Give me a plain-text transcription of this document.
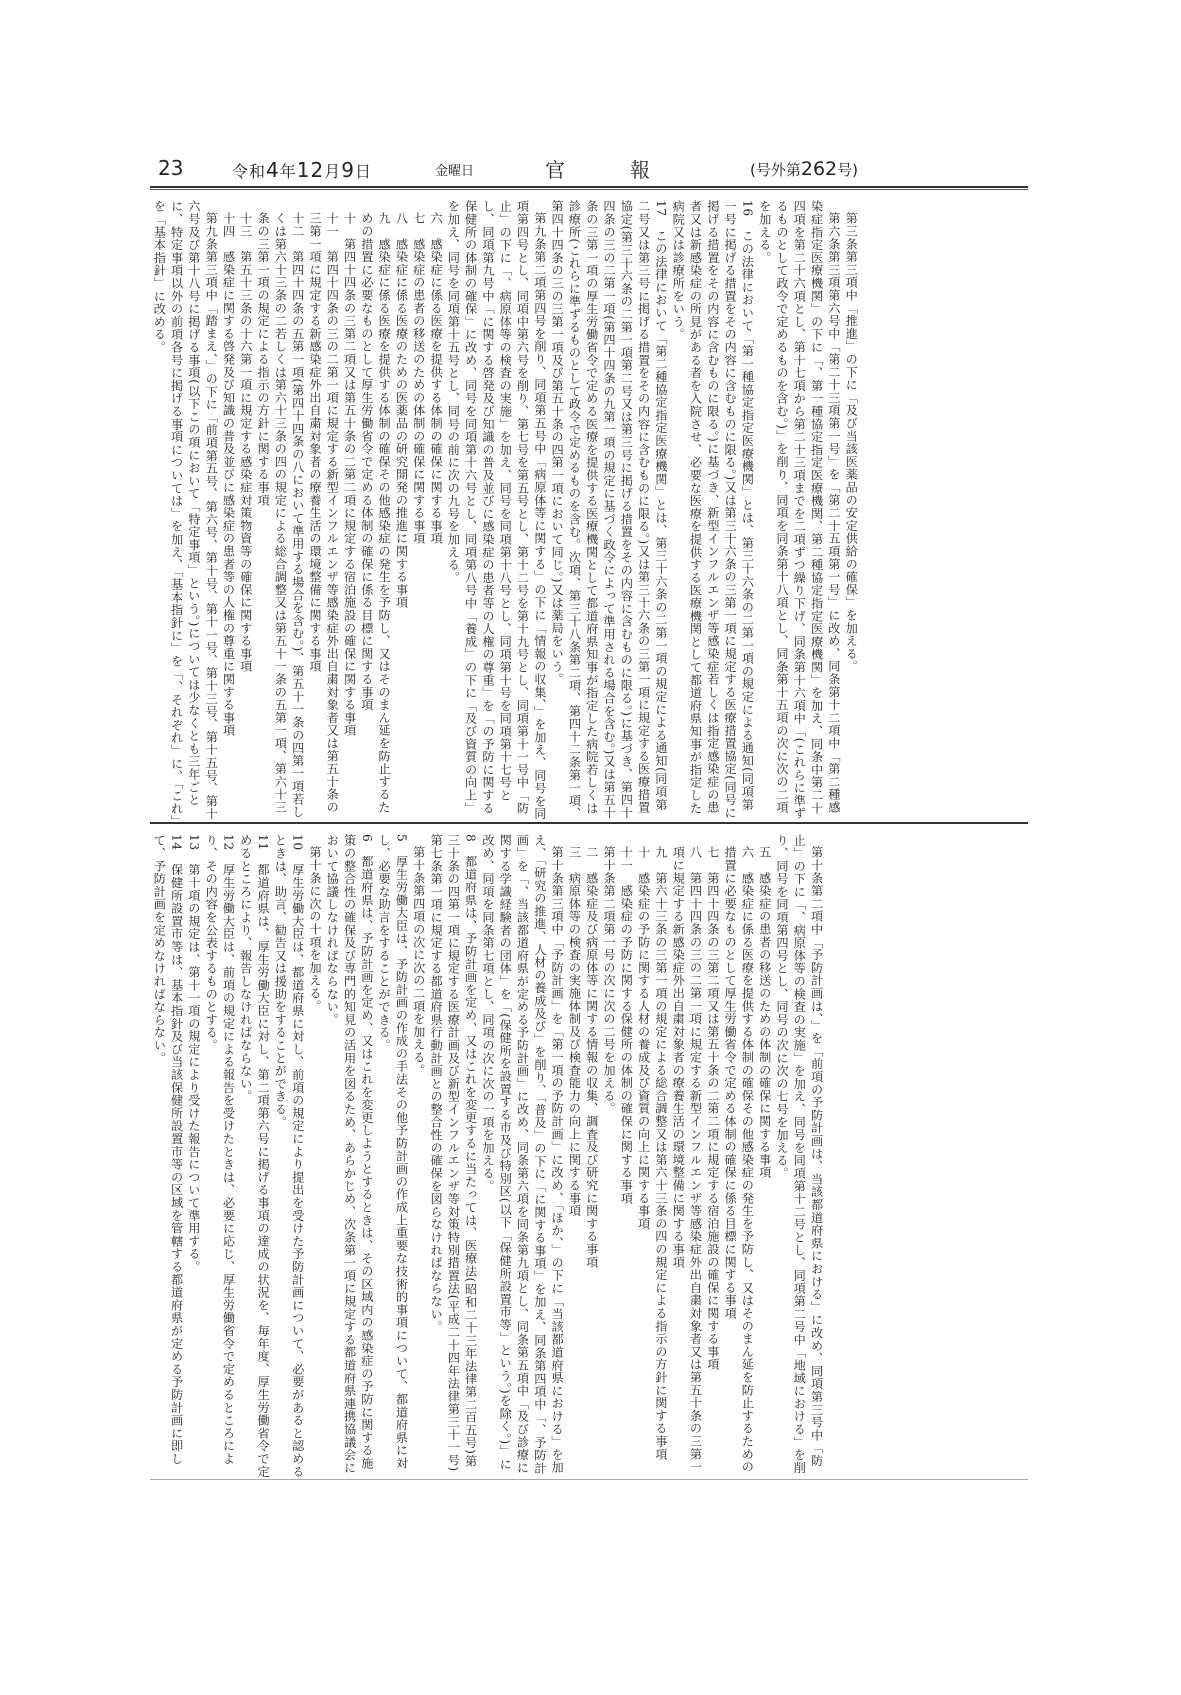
23	令和4年12月9日	金曜日	官	報	(号外第262号)

第三条第三項中「推進」の下に「及び当該医薬品の安定供給の確保」を加える。

第六条第三項第六号中「第二十三項第一号」を「第二十五項第一号」に改め、同条第十二項中「第二種感染症指定医療機関」の下に「、第一種協定指定医療機関、第二種協定指定医療機関」を加え、同条中第二十四項を第二十六項とし、第十七項から第二十三項までを二項ずつ繰り下げ、同条第十六項中「(これらに準ずるものとして政令で定めるものを含む。)」を削り、同項を同条第十八項とし、同条第十五項の次に次の二項を加える。

16　この法律において「第一種協定指定医療機関」とは、第三十六条の二第一項の規定による通知(同項第一号に掲げる措置をその内容に含むものに限る。)又は第三十六条の三第一項に規定する医療措置協定(同号に掲げる措置をその内容に含むものに限る。)に基づき、新型インフルエンザ等感染症若しくは指定感染症の患者又は新感染症の所見がある者を入院させ、必要な医療を提供する医療機関として都道府県知事が指定した病院又は診療所をいう。

17　この法律において「第二種協定指定医療機関」とは、第三十六条の二第一項の規定による通知(同項第二号又は第三号に掲げる措置をその内容に含むものに限る。)又は第三十六条の三第一項に規定する医療措置協定(第三十六条の二第一項第二号又は第三号に掲げる措置をその内容に含むものに限る。)に基づき、第四十四条の三の二第一項(第四十四条の九第一項の規定に基づく政令によって準用される場合を含む。)又は第五十条の三第一項の厚生労働省令で定める医療を提供する医療機関として都道府県知事が指定した病院若しくは診療所(これらに準ずるものとして政令で定めるものを含む。次項、第三十八条第二項、第四十二条第一項、第四十四条の三の三第一項及び第五十条の四第一項において同じ。)又は薬局をいう。

第九条第二項第四号を削り、同項第五号中「病原体等に関する」の下に「情報の収集、」を加え、同号を同項第四号とし、同項中第六号を削り、第七号を第五号とし、第十二号を第十九号とし、同項第十一号中「防止」の下に「、病原体等の検査の実施」を加え、同号を同項第十八号とし、同項第十号を同項第十七号とし、同項第九号中「に関する啓発及び知識の普及並びに感染症の患者等の人権の尊重」を「の予防に関する保健所の体制の確保」に改め、同号を同項第十六号とし、同項第八号中「養成」の下に「及び資質の向上」を加え、同号を同項第十五号とし、同号の前に次の九号を加える。

六　感染症に係る医療を提供する体制の確保に関する事項

七　感染症の患者の移送のための体制の確保に関する事項

八　感染症に係る医療のための医薬品の研究開発の推進に関する事項

九　感染症に係る医療を提供する体制の確保その他感染症の発生を予防し、又はそのまん延を防止するための措置に必要なものとして厚生労働省令で定める体制の確保に係る目標に関する事項

十　第四十四条の三第二項又は第五十条の二第二項に規定する宿泊施設の確保に関する事項

十一　第四十四条の三の二第一項に規定する新型インフルエンザ等感染症外出自粛対象者又は第五十条の三第一項に規定する新感染症外出自粛対象者の療養生活の環境整備に関する事項

十二　第四十四条の五第一項(第四十四条の八において準用する場合を含む。)、第五十一条の四第一項若しくは第六十三条の二若しくは第六十三条の四の規定による総合調整又は第五十一条の五第一項、第六十三条の三第一項の規定による指示の方針に関する事項

十三　第五十三条の十六第一項に規定する感染症対策物資等の確保に関する事項

十四　感染症に関する啓発及び知識の普及並びに感染症の患者等の人権の尊重に関する事項

第九条第三項中「踏まえ、」の下に「前項第五号、第六号、第十号、第十一号、第十三号、第十五号、第十六号及び第十八号に掲げる事項(以下この項において「特定事項」という。)については少なくとも三年ごとに、特定事項以外の前項各号に掲げる事項については」を加え、「基本指針に」を「、それぞれ」に、「これ」を「基本指針」に改める。

第十条第二項中「予防計画は、」を「前項の予防計画は、当該都道府県における」に改め、同項第三号中「防止」の下に「、病原体等の検査の実施」を加え、同号を同項第十二号とし、同項第二号中「地域における」を削り、同号を同項第四号とし、同号の次に次の七号を加える。

五　感染症の患者の移送のための体制の確保に関する事項

六　感染症に係る医療を提供する体制の確保その他感染症の発生を予防し、又はそのまん延を防止するための措置に必要なものとして厚生労働省令で定める体制の確保に係る目標に関する事項

七　第四十四条の三第二項又は第五十条の二第二項に規定する宿泊施設の確保に関する事項

八　第四十四条の三の二第一項に規定する新型インフルエンザ等感染症外出自粛対象者又は第五十条の三第一項に規定する新感染症外出自粛対象者の療養生活の環境整備に関する事項

九　第六十三条の三第一項の規定による総合調整又は第六十三条の四の規定による指示の方針に関する事項

十　感染症の予防に関する人材の養成及び資質の向上に関する事項

十一　感染症の予防に関する保健所の体制の確保に関する事項

第十条第二項第一号の次に次の二号を加える。

二　感染症及び病原体等に関する情報の収集、調査及び研究に関する事項

三　病原体等の検査の実施体制及び検査能力の向上に関する事項

第十条第三項中「予防計画」を「第一項の予防計画」に改め、「ほか、」の下に「当該都道府県における」を加え、「研究の推進、人材の養成及び」を削り、「普及」の下に「に関する事項」を加え、同条第四項中「、予防計画」を「、当該都道府県が定める予防計画」に改め、同条第六項を同条第九項とし、同条第五項中「及び診療に関する学識経験者の団体」を「(保健所を設置する市及び特別区(以下「保健所設置市等」という。)を除く。)」に改め、同項を同条第七項とし、同項の次に次の一項を加える。

8　都道府県は、予防計画を定め、又はこれを変更するに当たっては、医療法(昭和二十三年法律第二百五号)第三十条の四第一項に規定する医療計画及び新型インフルエンザ等対策特別措置法(平成二十四年法律第三十一号)第七条第一項に規定する都道府県行動計画との整合性の確保を図らなければならない。

第十条第四項の次に次の二項を加える。

5　厚生労働大臣は、予防計画の作成の手法その他予防計画の作成上重要な技術的事項について、都道府県に対し、必要な助言をすることができる。

6　都道府県は、予防計画を定め、又はこれを変更しようとするときは、その区域内の感染症の予防に関する施策の整合性の確保及び専門的知見の活用を図るため、あらかじめ、次条第一項に規定する都道府県連携協議会において協議しなければならない。

第十条に次の十項を加える。

10　厚生労働大臣は、都道府県に対し、前項の規定により提出を受けた予防計画について、必要があると認めるときは、助言、勧告又は援助をすることができる。

11　都道府県は、厚生労働大臣に対し、第二項第六号に掲げる事項の達成の状況を、毎年度、厚生労働省令で定めるところにより、報告しなければならない。

12　厚生労働大臣は、前項の規定による報告を受けたときは、必要に応じ、厚生労働省令で定めるところにより、その内容を公表するものとする。

13　第十項の規定は、第十一項の規定により受けた報告について準用する。

14　保健所設置市等は、基本指針及び当該保健所設置市等の区域を管轄する都道府県が定める予防計画に即して、予防計画を定めなければならない。
